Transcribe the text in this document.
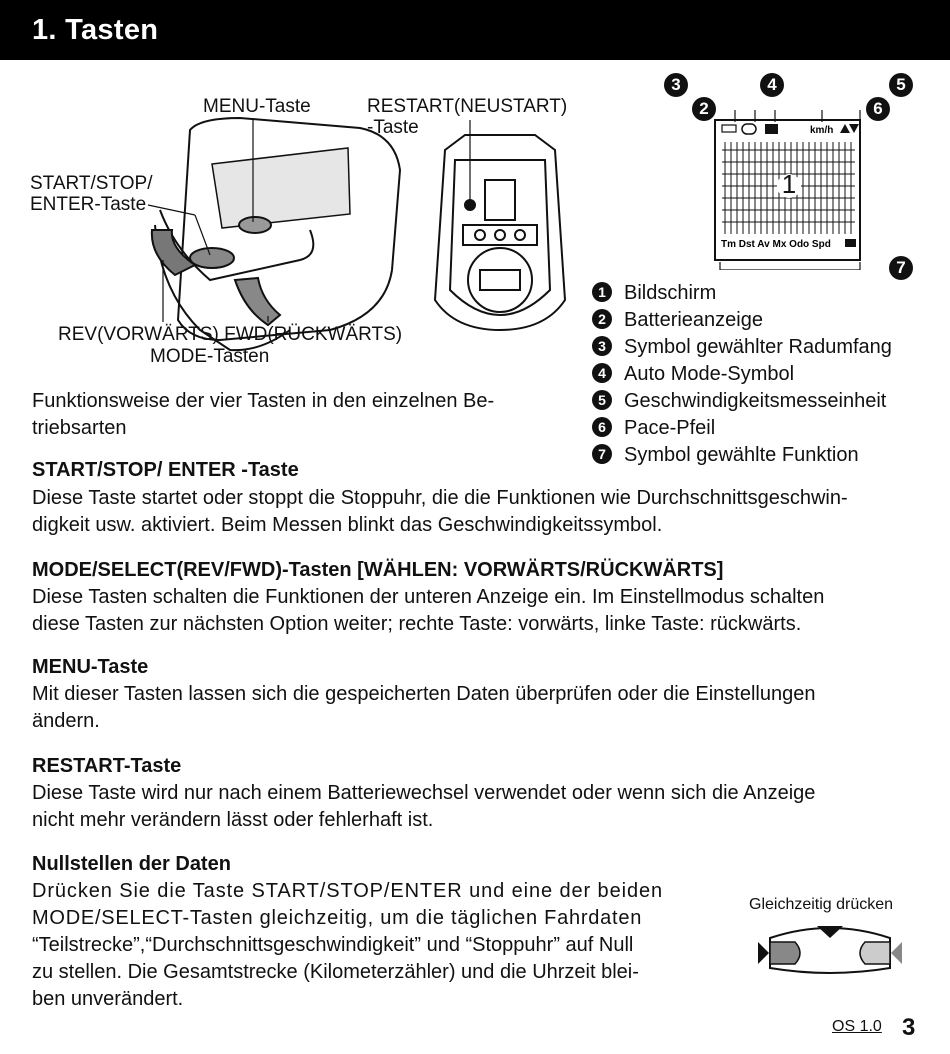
1. Tasten
MENU-Taste	RESTART(NEUSTART)
-Taste
START/STOP/
ENTER-Taste
REV(VORWÄRTS) FWD(RÜCKWÄRTS)
MODE-Tasten
km/h
Tm Dst Av Mx Odo Spd
3
2
4	5
6
7
1
1 Bildschirm
2 Batterieanzeige
3 Symbol gewählter Radumfang
4 Auto Mode-Symbol
5 Geschwindigkeitsmesseinheit
6 Pace-Pfeil
7 Symbol gewählte Funktion
Funktionsweise der vier Tasten in den einzelnen Be-
triebsarten
START/STOP/ ENTER -Taste
Diese Taste startet oder stoppt die Stoppuhr, die die Funktionen wie Durchschnittsgeschwin-
digkeit usw. aktiviert. Beim Messen blinkt das Geschwindigkeitssymbol.
MODE/SELECT(REV/FWD)-Tasten [WÄHLEN: VORWÄRTS/RÜCKWÄRTS]
Diese Tasten schalten die Funktionen der unteren Anzeige ein. Im Einstellmodus schalten
diese Tasten zur nächsten Option weiter; rechte Taste: vorwärts, linke Taste: rückwärts.
MENU-Taste
Mit dieser Tasten lassen sich die gespeicherten Daten überprüfen oder die Einstellungen
ändern.
RESTART-Taste
Diese Taste wird nur nach einem Batteriewechsel verwendet oder wenn sich die Anzeige
nicht mehr verändern lässt oder fehlerhaft ist.
Nullstellen der Daten
Drücken Sie die Taste START/STOP/ENTER und eine der beiden
MODE/SELECT-Tasten gleichzeitig, um die täglichen Fahrdaten
“Teilstrecke”,“Durchschnittsgeschwindigkeit” und “Stoppuhr” auf Null
zu stellen. Die Gesamtstrecke (Kilometerzähler) und die Uhrzeit blei-
ben unverändert.
Gleichzeitig drücken
OS 1.0 3
